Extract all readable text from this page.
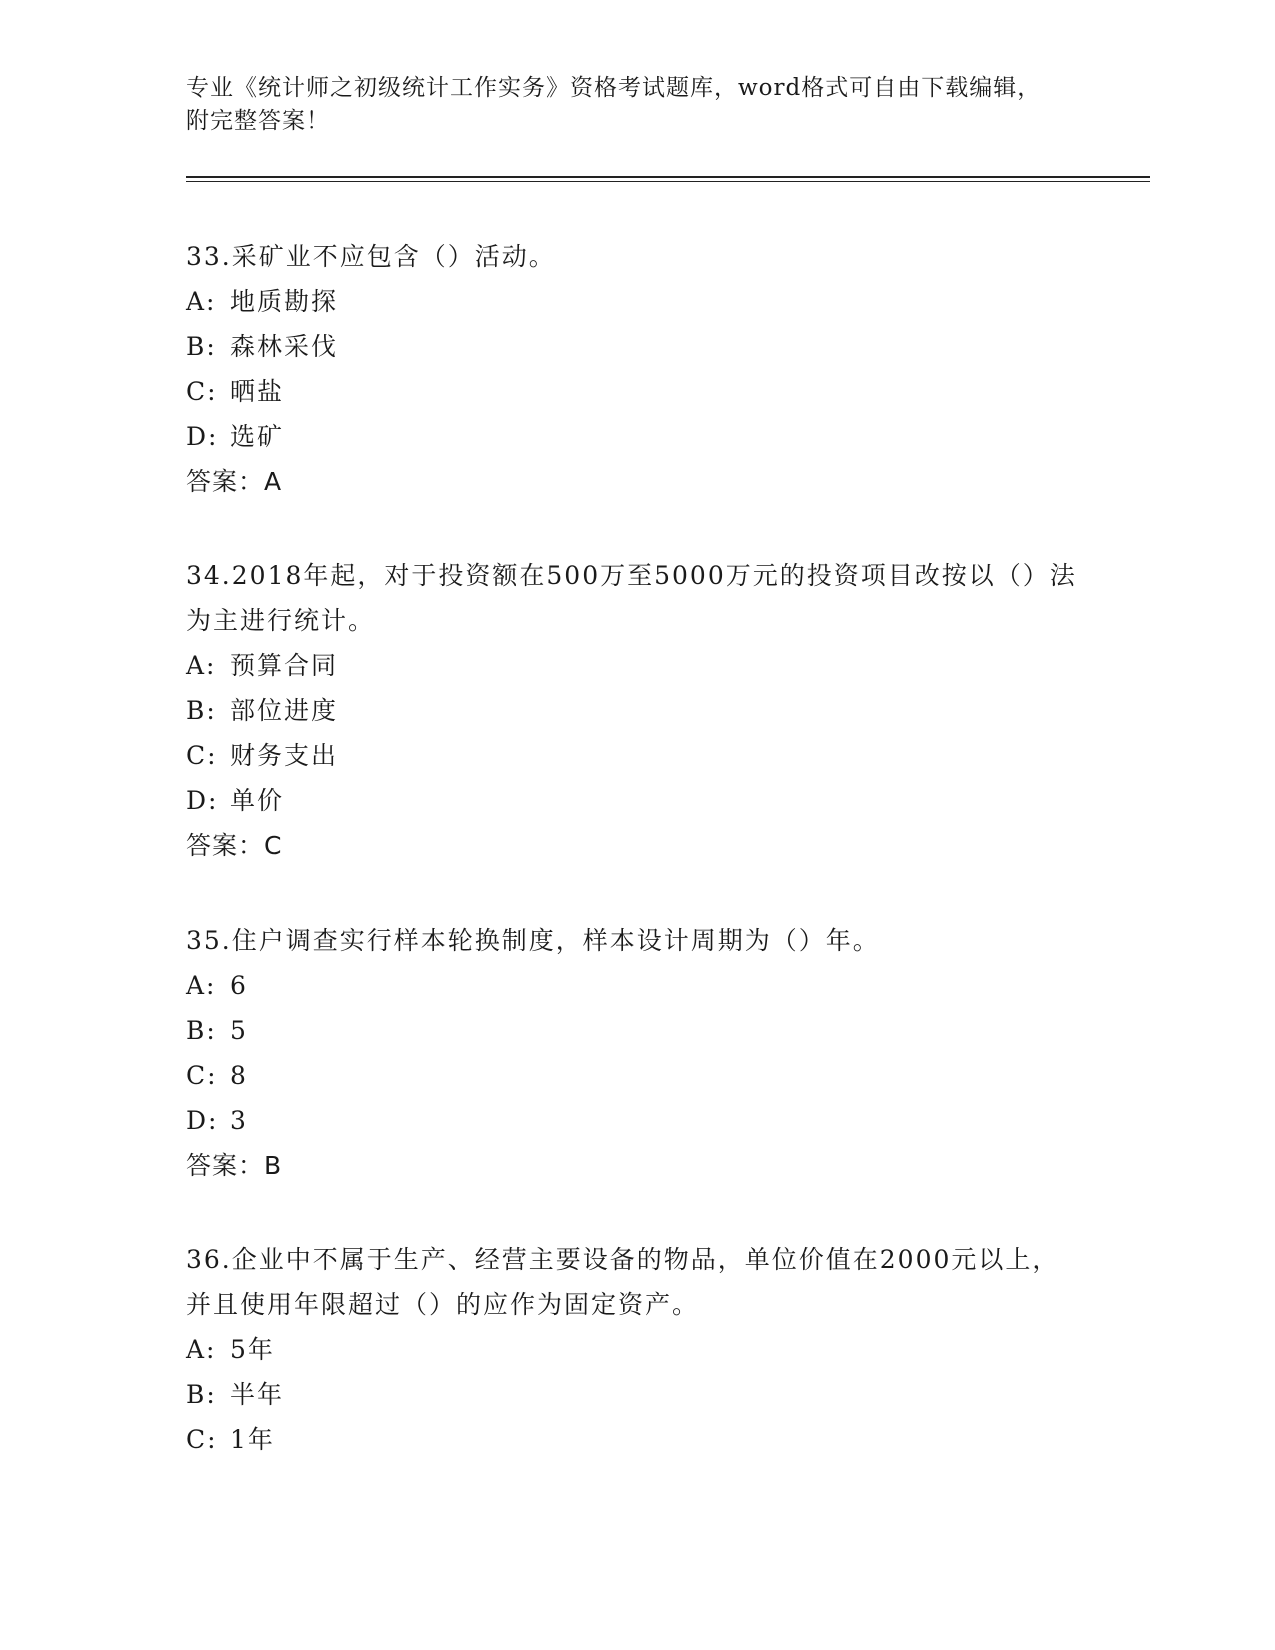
专业《统计师之初级统计工作实务》资格考试题库，word格式可自由下载编辑，
附完整答案！
33.采矿业不应包含（）活动。
A: 地质勘探
B: 森林采伐
C: 晒盐
D: 选矿
答案：A
34.2018年起，对于投资额在500万至5000万元的投资项目改按以（）法为主进行统计。
A: 预算合同
B: 部位进度
C: 财务支出
D: 单价
答案：C
35.住户调查实行样本轮换制度，样本设计周期为（）年。
A: 6
B: 5
C: 8
D: 3
答案：B
36.企业中不属于生产、经营主要设备的物品，单位价值在2000元以上，并且使用年限超过（）的应作为固定资产。
A: 5年
B: 半年
C: 1年
